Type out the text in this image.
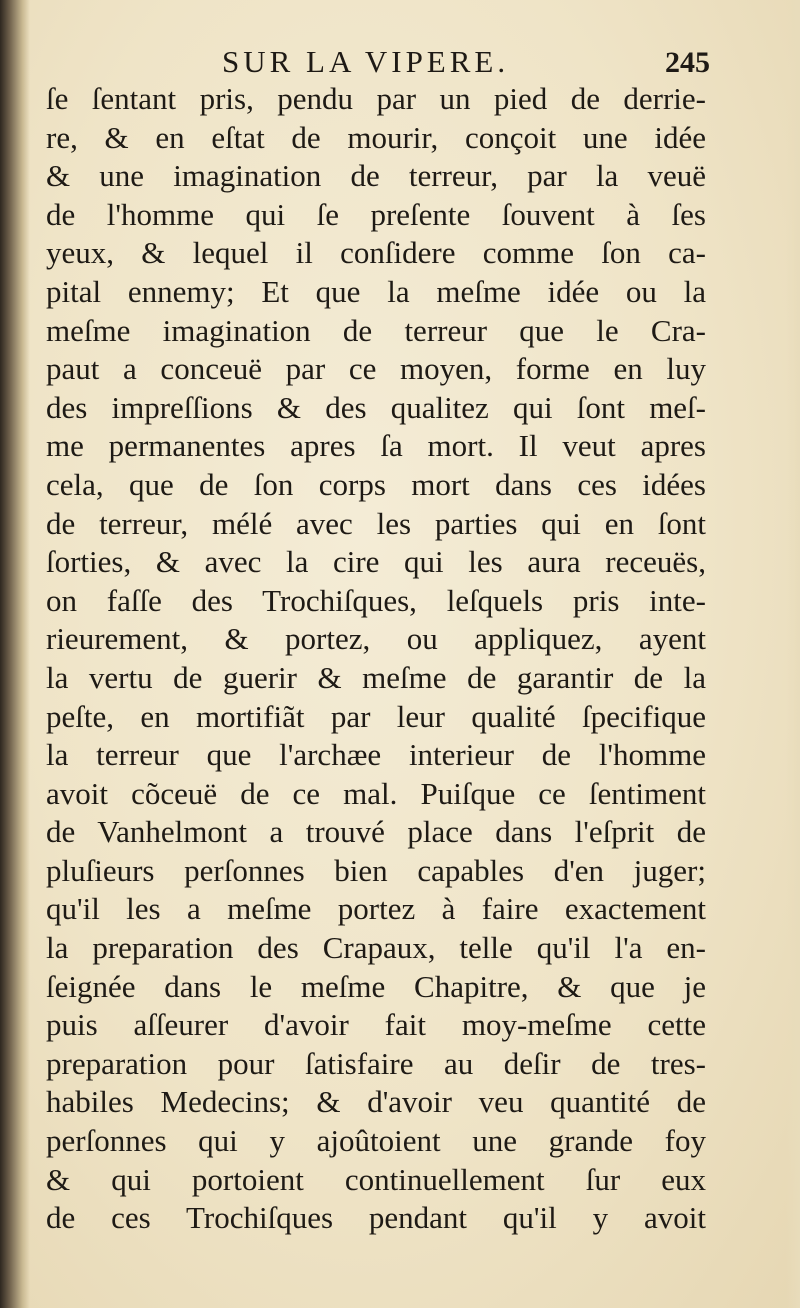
SUR LA VIPERE.	245
ſe ſentant pris, pendu par un pied de derrie-
re, & en eſtat de mourir, conçoit une idée
& une imagination de terreur, par la veuë
de l'homme qui ſe preſente ſouvent à ſes
yeux, & lequel il conſidere comme ſon ca-
pital ennemy; Et que la meſme idée ou la
meſme imagination de terreur que le Cra-
paut a conceuë par ce moyen, forme en luy
des impreſſions & des qualitez qui ſont meſ-
me permanentes apres ſa mort. Il veut apres
cela, que de ſon corps mort dans ces idées
de terreur, mélé avec les parties qui en ſont
ſorties, & avec la cire qui les aura receuës,
on faſſe des Trochiſques, leſquels pris inte-
rieurement, & portez, ou appliquez, ayent
la vertu de guerir & meſme de garantir de la
peſte, en mortifiãt par leur qualité ſpecifique
la terreur que l'archæe interieur de l'homme
avoit cõceuë de ce mal. Puiſque ce ſentiment
de Vanhelmont a trouvé place dans l'eſprit de
pluſieurs perſonnes bien capables d'en juger;
qu'il les a meſme portez à faire exactement
la preparation des Crapaux, telle qu'il l'a en-
ſeignée dans le meſme Chapitre, & que je
puis aſſeurer d'avoir fait moy-meſme cette
preparation pour ſatisfaire au deſir de tres-
habiles Medecins; & d'avoir veu quantité de
perſonnes qui y ajoûtoient une grande foy
& qui portoient continuellement ſur eux
de ces Trochiſques pendant qu'il y avoit
